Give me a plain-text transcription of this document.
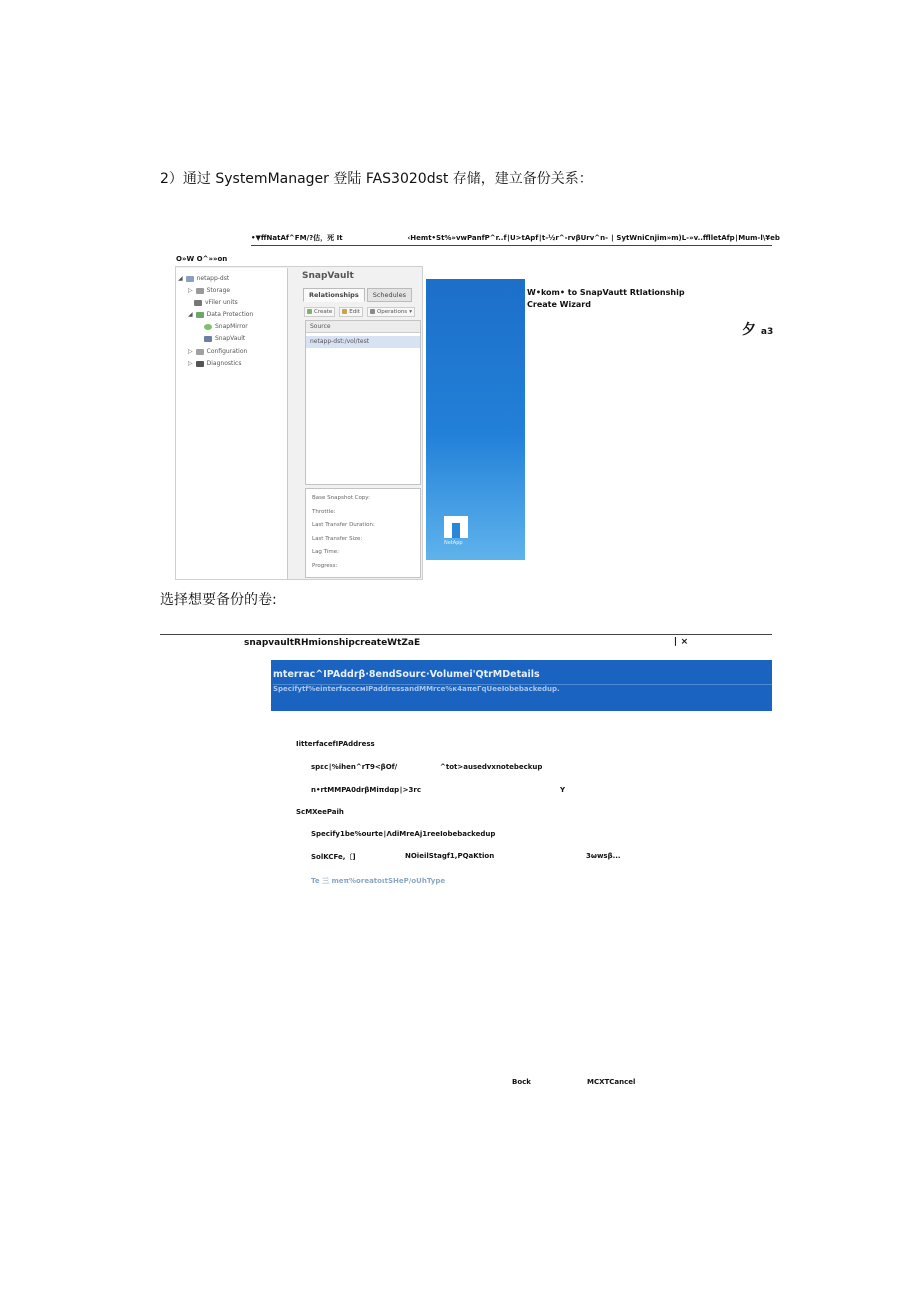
2）通过 SystemManager 登陆 FAS3020dst 存储，建立备份关系：
•▼ffNatAf^FM/?估，死 It	‹Hemt•St%»vwPanfP^r..f∣U>tApf∣t-½r^-rvβUrv^n- ∣ SytWniCnjim»m)L-»v..fflletAfp∣Mum-l\¥eb
O»W O^»»on
◢ netapp-dst
▷ Storage
vFiler units
◢ Data Protection
SnapMirror
SnapVault
▷ Configuration
▷ Diagnostics
SnapVault
Relationships	Schedules
Create	Edit	Operations ▾
Source
netapp-dst:/vol/test
Base Snapshot Copy:
Throttle:
Last Transfer Duration:
Last Transfer Size:
Lag Time:
Progress:
NetApp
W•kom• to SnapVautt Rtlationship Create Wizard
夕 a3
选择想要备份的卷:
snapvaultRHmionshipcreateWtZaE	∣ ×
mterrac^IPAddrβ·8endSourc·Volumei'QtrMDetails
Specifytf%einterfacecмIPaddressandMMrce%к4aπeΓqUeeIobebackedup.
IitterfacefIPAddress
spεc∣%ihen^rT9<βOf∕	^tot>ausedvxnotebeckup
n•rtMMPA0drβMiπdαp∣>3rc	Y
ScMXeePaih
Specify1be%ourte∣ΛdiMreAj1reeIobebackedup
SolKCFe,〔]	NOieilStagf1,PQaKtion	3ωwsβ...
Te 三 meπ%oreatoιtSHeP/oUhType
Bock	MCXTCancel
